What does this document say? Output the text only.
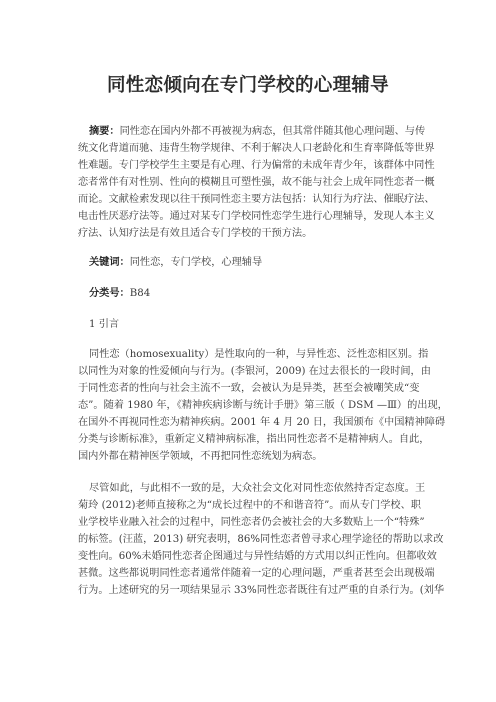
同性恋倾向在专门学校的心理辅导
摘要：同性恋在国内外都不再被视为病态，但其常伴随其他心理问题、与传
统文化背道而驰、违背生物学规律、不利于解决人口老龄化和生育率降低等世界
性难题。专门学校学生主要是有心理、行为偏常的未成年青少年，该群体中同性
恋者常伴有对性别、性向的模糊且可塑性强，故不能与社会上成年同性恋者一概
而论。文献检索发现以往干预同性恋主要方法包括：认知行为疗法、催眠疗法、
电击性厌恶疗法等。通过对某专门学校同性恋学生进行心理辅导，发现人本主义
疗法、认知疗法是有效且适合专门学校的干预方法。
关键词：同性恋，专门学校，心理辅导
分类号：B84
1 引言
同性恋（homosexuality）是性取向的一种，与异性恋、泛性恋相区别。指
以同性为对象的性爱倾向与行为。(李银河，2009) 在过去很长的一段时间，由
于同性恋者的性向与社会主流不一致，会被认为是异类，甚至会被嘲笑成“变
态”。随着 1980 年，《精神疾病诊断与统计手册》第三版（ DSM —Ⅲ）的出现，
在国外不再视同性恋为精神疾病。2001 年 4 月 20 日，我国颁布《中国精神障碍
分类与诊断标准》，重新定义精神病标准，指出同性恋者不是精神病人。自此，
国内外都在精神医学领域，不再把同性恋统划为病态。
尽管如此，与此相不一致的是，大众社会文化对同性恋依然持否定态度。王
菊玲 (2012)老师直接称之为“成长过程中的不和谐音符”。而从专门学校、职
业学校毕业融入社会的过程中，同性恋者仍会被社会的大多数贴上一个“特殊”
的标签。(汪蓝，2013) 研究表明，86%同性恋者曾寻求心理学途径的帮助以求改
变性向。60%未婚同性恋者企图通过与异性结婚的方式用以纠正性向。但都收效
甚微。这些都说明同性恋者通常伴随着一定的心理问题，严重者甚至会出现极端
行为。上述研究的另一项结果显示 33%同性恋者既往有过严重的自杀行为。(刘华
